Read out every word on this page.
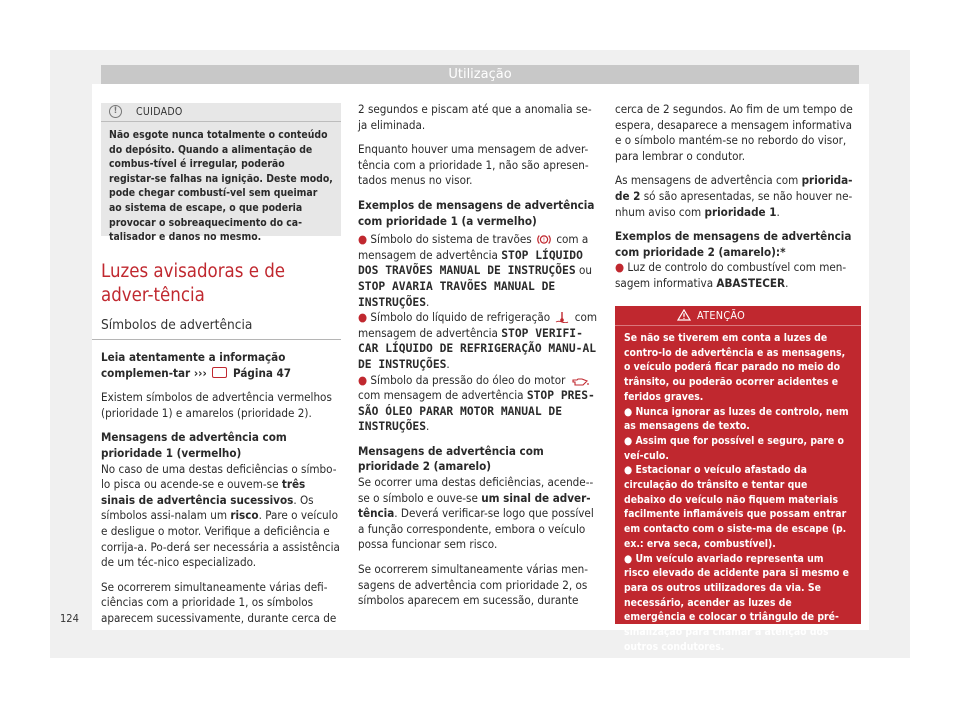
Utilização
!	CUIDADO
Não esgote nunca totalmente o conteúdo do depósito. Quando a alimentação de combus-tível é irregular, poderão registar-se falhas na ignição. Deste modo, pode chegar combustí-vel sem queimar ao sistema de escape, o que poderia provocar o sobreaquecimento do ca-talisador e danos no mesmo.
Luzes avisadoras e de adver-tência
Símbolos de advertência

Leia atentamente a informação complemen-tar ››› Página 47

Existem símbolos de advertência vermelhos (prioridade 1) e amarelos (prioridade 2).

Mensagens de advertência com prioridade 1 (vermelho)

No caso de uma destas deficiências o símbo-lo pisca ou acende-se e ouvem-se três sinais de advertência sucessivos. Os símbolos assi-nalam um risco. Pare o veículo e desligue o motor. Verifique a deficiência e corrija-a. Po-derá ser necessária a assistência de um téc-nico especializado.

Se ocorrerem simultaneamente várias defi-ciências com a prioridade 1, os símbolos aparecem sucessivamente, durante cerca de

2 segundos e piscam até que a anomalia se-ja eliminada.

Enquanto houver uma mensagem de adver-tência com a prioridade 1, não são apresen-tados menus no visor.

Exemplos de mensagens de advertência com prioridade 1 (a vermelho)

● Símbolo do sistema de travões ! com a mensagem de advertência STOP LÍQUIDO DOS TRAVÕES MANUAL DE INSTRUÇÕES ou STOP AVARIA TRAVÕES MANUAL DE INSTRUÇÕES.

● Símbolo do líquido de refrigeração com mensagem de advertência STOP VERIFI-CAR LÍQUIDO DE REFRIGERAÇÃO MANU-AL DE INSTRUÇÕES.

● Símbolo da pressão do óleo do motor  com mensagem de advertência STOP PRES-SÃO ÓLEO PARAR MOTOR MANUAL DE INSTRUÇÕES.

Mensagens de advertência com prioridade 2 (amarelo)

Se ocorrer uma destas deficiências, acende--se o símbolo e ouve-se um sinal de adver-tência. Deverá verificar-se logo que possível a função correspondente, embora o veículo possa funcionar sem risco.

Se ocorrerem simultaneamente várias men-sagens de advertência com prioridade 2, os símbolos aparecem em sucessão, durante

cerca de 2 segundos. Ao fim de um tempo de espera, desaparece a mensagem informativa e o símbolo mantém-se no rebordo do visor, para lembrar o condutor.

As mensagens de advertência com priorida-de 2 só são apresentadas, se não houver ne-nhum aviso com prioridade 1.

Exemplos de mensagens de advertência com prioridade 2 (amarelo):*

● Luz de controlo do combustível com men-sagem informativa ABASTECER.

ATENÇÃO

Se não se tiverem em conta a luzes de contro-lo de advertência e as mensagens, o veículo poderá ficar parado no meio do trânsito, ou poderão ocorrer acidentes e feridos graves.

● Nunca ignorar as luzes de controlo, nem as mensagens de texto.

● Assim que for possível e seguro, pare o veí-culo.

● Estacionar o veículo afastado da circulação do trânsito e tentar que debaixo do veículo não fiquem materiais facilmente inflamáveis que possam entrar em contacto com o siste-ma de escape (p. ex.: erva seca, combustível).

● Um veículo avariado representa um risco elevado de acidente para si mesmo e para os outros utilizadores da via. Se necessário, acender as luzes de emergência e colocar o triângulo de pré-sinalização para chamar a atenção dos outros condutores.

124
